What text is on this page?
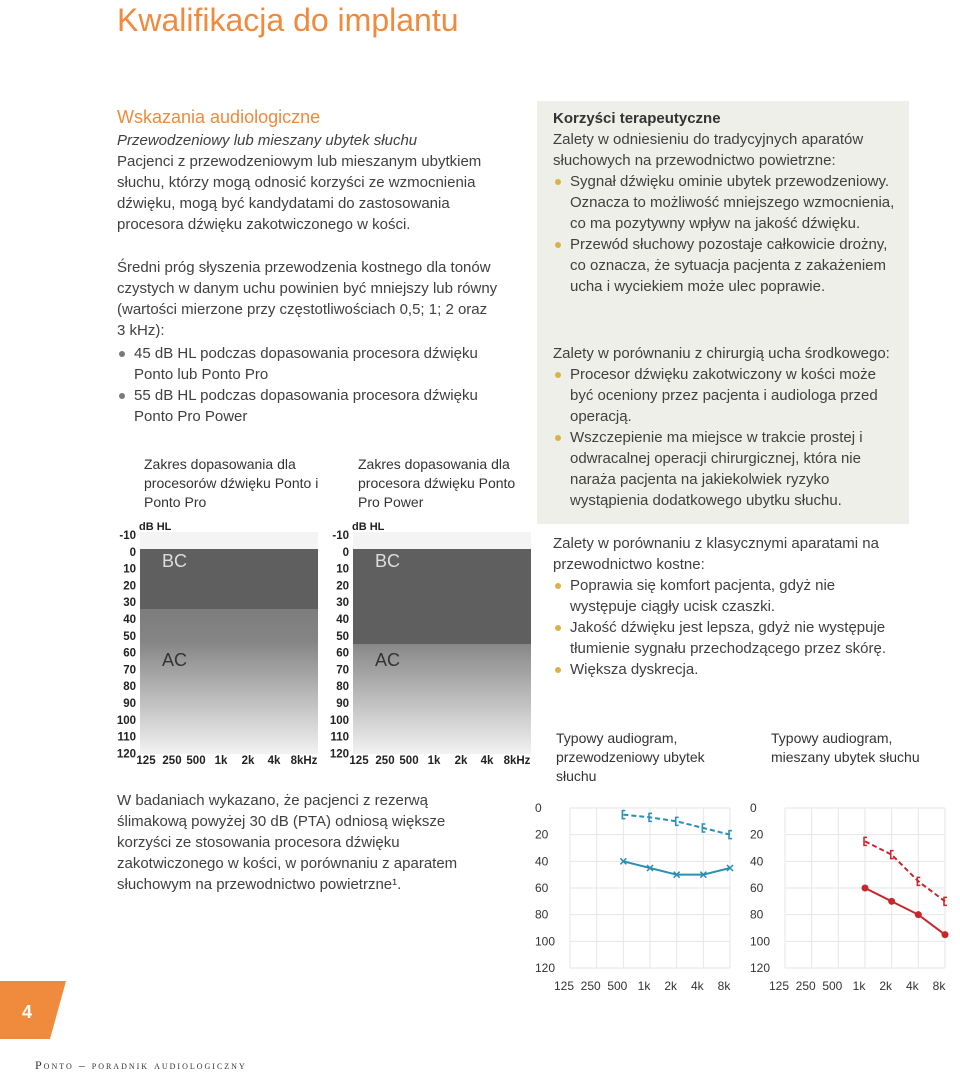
Kwalifikacja do implantu
Wskazania audiologiczne
Przewodzeniowy lub mieszany ubytek słuchu
Pacjenci z przewodzeniowym lub mieszanym ubytkiem słuchu, którzy mogą odnosić korzyści ze wzmocnienia dźwięku, mogą być kandydatami do zastosowania procesora dźwięku zakotwiczonego w kości.
Średni próg słyszenia przewodzenia kostnego dla tonów czystych w danym uchu powinien być mniejszy lub równy (wartości mierzone przy częstotliwościach 0,5; 1; 2 oraz 3 kHz):
45 dB HL podczas dopasowania procesora dźwięku Ponto lub Ponto Pro
55 dB HL podczas dopasowania procesora dźwięku Ponto Pro Power
Zakres dopasowania dla procesorów dźwięku Ponto i Ponto Pro
Zakres dopasowania dla procesora dźwięku Ponto Pro Power
-10
0
10
20
30
40
50
60
70
80
90
100
110
120
125 250 500 1k 2k 4k 8kHz
dB HL
BC
AC
-10
0
10
20
30
40
50
60
70
80
90
100
110
120
125 250 500 1k 2k 4k 8kHz
dB HL
BC
AC
W badaniach wykazano, że pacjenci z rezerwą ślimakową powyżej 30 dB (PTA) odniosą większe korzyści ze stosowania procesora dźwięku zakotwiczonego w kości, w porównaniu z aparatem słuchowym na przewodnictwo powietrzne¹.
Korzyści terapeutyczne
Zalety w odniesieniu do tradycyjnych aparatów słuchowych na przewodnictwo powietrzne:
Sygnał dźwięku ominie ubytek przewodzeniowy. Oznacza to możliwość mniejszego wzmocnienia, co ma pozytywny wpływ na jakość dźwięku.
Przewód słuchowy pozostaje całkowicie drożny, co oznacza, że sytuacja pacjenta z zakażeniem ucha i wyciekiem może ulec poprawie.
Zalety w porównaniu z chirurgią ucha środkowego:
Procesor dźwięku zakotwiczony w kości może być oceniony przez pacjenta i audiologa przed operacją.
Wszczepienie ma miejsce w trakcie prostej i odwracalnej operacji chirurgicznej, która nie naraża pacjenta na jakiekolwiek ryzyko wystąpienia dodatkowego ubytku słuchu.
Zalety w porównaniu z klasycznymi aparatami na przewodnictwo kostne:
Poprawia się komfort pacjenta, gdyż nie występuje ciągły ucisk czaszki.
Jakość dźwięku jest lepsza, gdyż nie występuje tłumienie sygnału przechodzącego przez skórę.
Większa dyskrecja.
Typowy audiogram, przewodzeniowy ubytek słuchu
Typowy audiogram, mieszany ubytek słuchu
0
20
40
60
80
100
120
125 250 500 1k 2k 4k 8k
0
20
40
60
80
100
120
125 250 500 1k 2k 4k 8k
4
Ponto – poradnik audiologiczny
